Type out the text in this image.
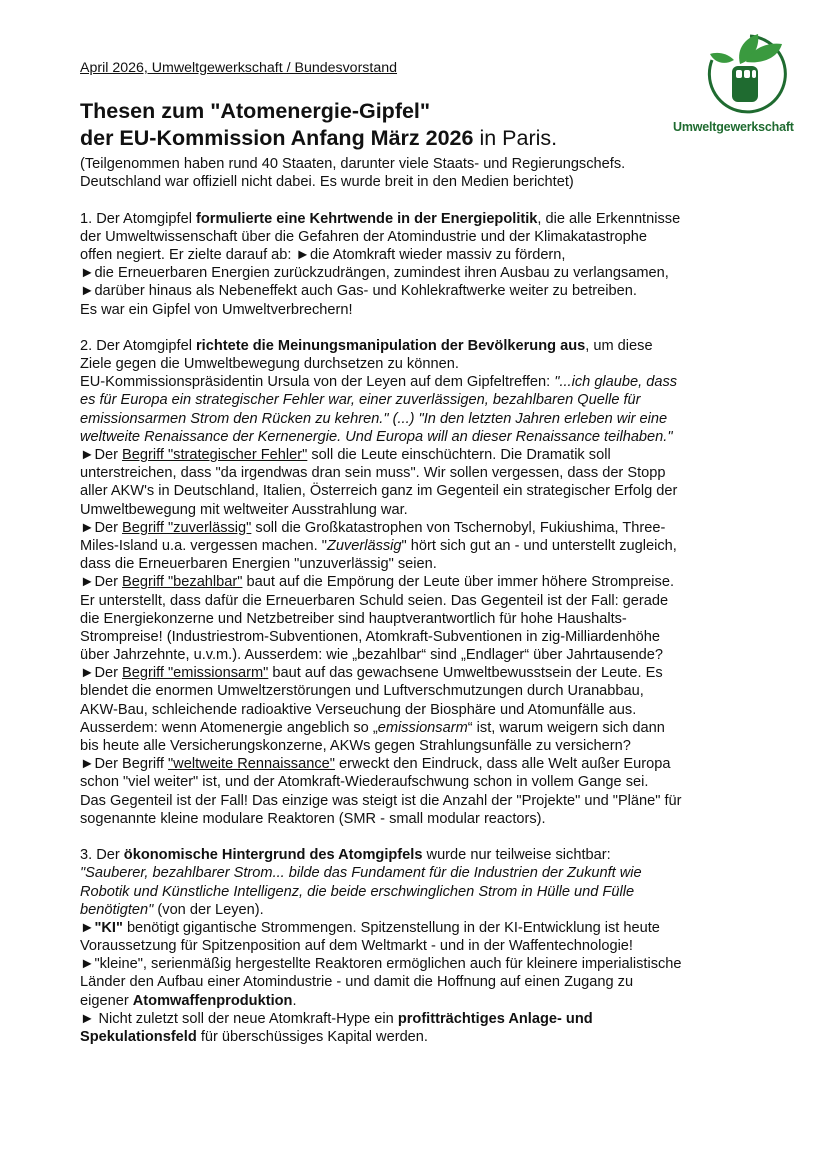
April 2026, Umweltgewerkschaft / Bundesvorstand
Umweltgewerkschaft
Thesen zum "Atomenergie-Gipfel"
der EU-Kommission Anfang März 2026 in Paris.
(Teilgenommen haben rund 40 Staaten, darunter viele Staats- und Regierungschefs.
Deutschland war offiziell nicht dabei. Es wurde breit in den Medien berichtet)
1. Der Atomgipfel formulierte eine Kehrtwende in der Energiepolitik, die alle Erkenntnisse
der Umweltwissenschaft über die Gefahren der Atomindustrie und der Klimakatastrophe
offen negiert. Er zielte darauf ab: ►die Atomkraft wieder massiv zu fördern,
►die Erneuerbaren Energien zurückzudrängen, zumindest ihren Ausbau zu verlangsamen,
►darüber hinaus als Nebeneffekt auch Gas- und Kohlekraftwerke weiter zu betreiben.
Es war ein Gipfel von Umweltverbrechern!
2. Der Atomgipfel richtete die Meinungsmanipulation der Bevölkerung aus, um diese
Ziele gegen die Umweltbewegung durchsetzen zu können.
EU-Kommissionspräsidentin Ursula von der Leyen auf dem Gipfeltreffen: "...ich glaube, dass
es für Europa ein strategischer Fehler war, einer zuverlässigen, bezahlbaren Quelle für
emissionsarmen Strom den Rücken zu kehren." (...) "In den letzten Jahren erleben wir eine
weltweite Renaissance der Kernenergie. Und Europa will an dieser Renaissance teilhaben."
►Der Begriff "strategischer Fehler" soll die Leute einschüchtern. Die Dramatik soll
unterstreichen, dass "da irgendwas dran sein muss". Wir sollen vergessen, dass der Stopp
aller AKW's in Deutschland, Italien, Österreich ganz im Gegenteil ein strategischer Erfolg der
Umweltbewegung mit weltweiter Ausstrahlung war.
►Der Begriff "zuverlässig" soll die Großkatastrophen von Tschernobyl, Fukiushima, Three-
Miles-Island u.a. vergessen machen. "Zuverlässig" hört sich gut an - und unterstellt zugleich,
dass die Erneuerbaren Energien "unzuverlässig" seien.
►Der Begriff "bezahlbar" baut auf die Empörung der Leute über immer höhere Strompreise.
Er unterstellt, dass dafür die Erneuerbaren Schuld seien. Das Gegenteil ist der Fall: gerade
die Energiekonzerne und Netzbetreiber sind hauptverantwortlich für hohe Haushalts-
Strompreise! (Industriestrom-Subventionen, Atomkraft-Subventionen in zig-Milliardenhöhe
über Jahrzehnte, u.v.m.). Ausserdem: wie „bezahlbar“ sind „Endlager“ über Jahrtausende?
►Der Begriff "emissionsarm" baut auf das gewachsene Umweltbewusstsein der Leute. Es
blendet die enormen Umweltzerstörungen und Luftverschmutzungen durch Uranabbau,
AKW-Bau, schleichende radioaktive Verseuchung der Biosphäre und Atomunfälle aus.
Ausserdem: wenn Atomenergie angeblich so „emissionsarm“ ist, warum weigern sich dann
bis heute alle Versicherungskonzerne, AKWs gegen Strahlungsunfälle zu versichern?
►Der Begriff "weltweite Rennaissance" erweckt den Eindruck, dass alle Welt außer Europa
schon "viel weiter" ist, und der Atomkraft-Wiederaufschwung schon in vollem Gange sei.
Das Gegenteil ist der Fall! Das einzige was steigt ist die Anzahl der "Projekte" und "Pläne" für
sogenannte kleine modulare Reaktoren (SMR - small modular reactors).
3. Der ökonomische Hintergrund des Atomgipfels wurde nur teilweise sichtbar:
"Sauberer, bezahlbarer Strom... bilde das Fundament für die Industrien der Zukunft wie
Robotik und Künstliche Intelligenz, die beide erschwinglichen Strom in Hülle und Fülle
benötigten" (von der Leyen).
►"KI" benötigt gigantische Strommengen. Spitzenstellung in der KI-Entwicklung ist heute
Voraussetzung für Spitzenposition auf dem Weltmarkt - und in der Waffentechnologie!
►"kleine", serienmäßig hergestellte Reaktoren ermöglichen auch für kleinere imperialistische
Länder den Aufbau einer Atomindustrie - und damit die Hoffnung auf einen Zugang zu
eigener Atomwaffenproduktion.
► Nicht zuletzt soll der neue Atomkraft-Hype ein profitträchtiges Anlage- und
Spekulationsfeld für überschüssiges Kapital werden.
